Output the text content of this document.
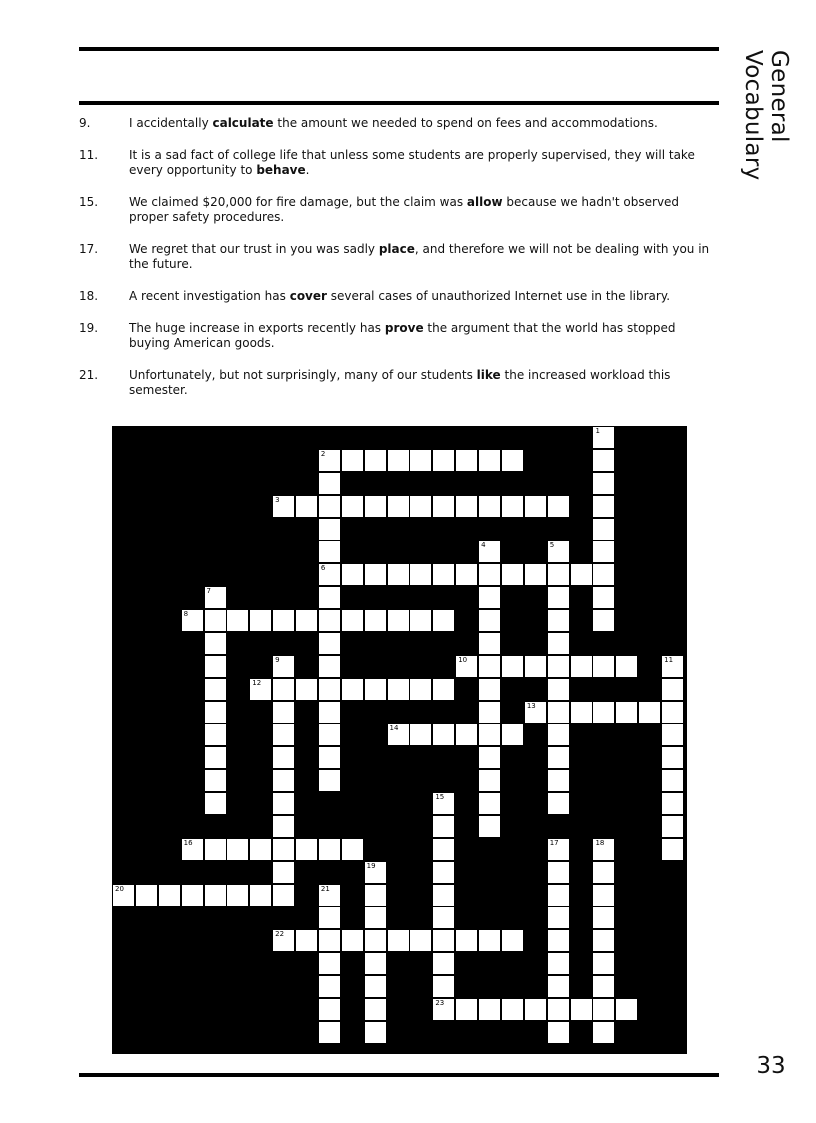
General Vocabulary
9.	I accidentally calculate the amount we needed to spend on fees and accommodations.
11.	It is a sad fact of college life that unless some students are properly supervised, they will take every opportunity to behave.
15.	We claimed $20,000 for fire damage, but the claim was allow because we hadn't observed proper safety procedures.
17.	We regret that our trust in you was sadly place, and therefore we will not be dealing with you in the future.
18.	A recent investigation has cover several cases of unauthorized Internet use in the library.
19.	The huge increase in exports recently has prove the argument that the world has stopped buying American goods.
21.	Unfortunately, but not surprisingly, many of our students like the increased workload this semester.
1
2
6
3
4	5
7
8
9	10	11
12
13
14
15
16	17	18
19
20	21
22
23
33
